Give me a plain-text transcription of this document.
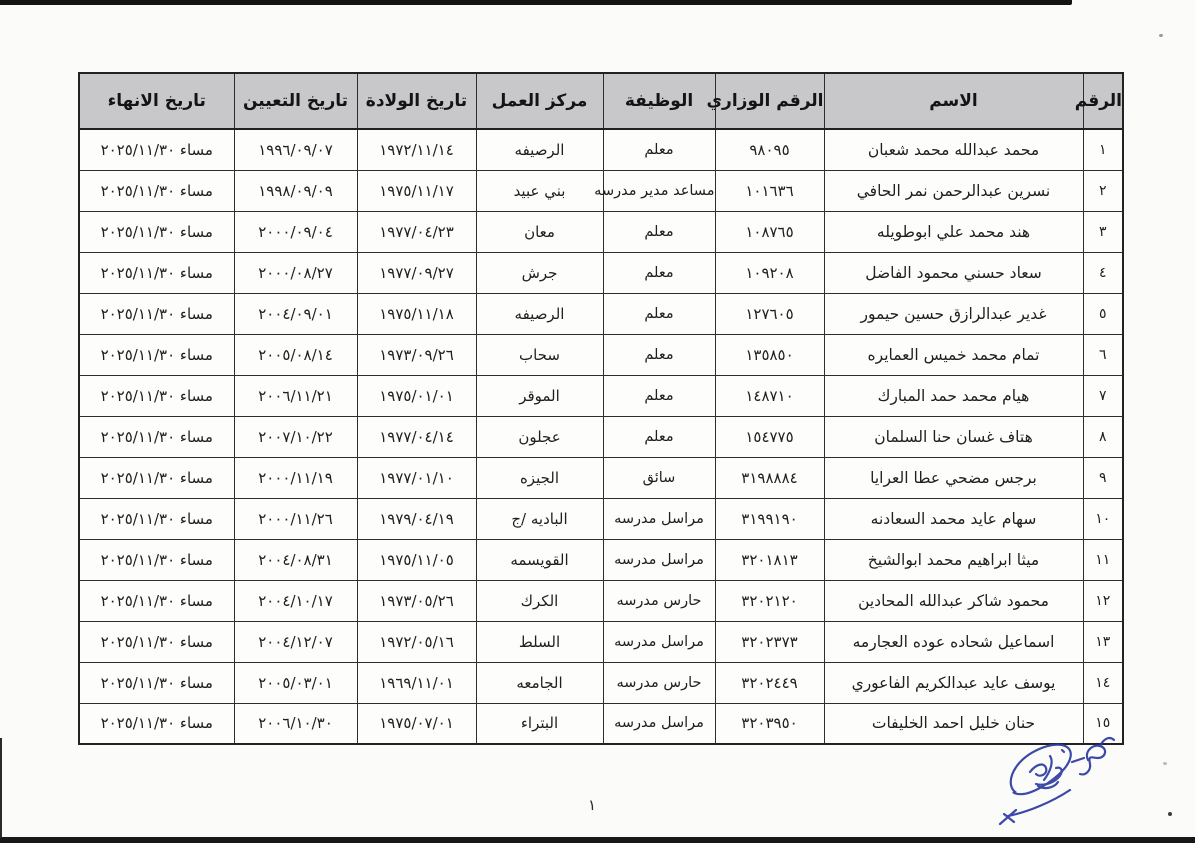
الرقم	الاسم	الرقم الوزاري	الوظيفة	مركز العمل	تاريخ الولادة	تاريخ التعيين	تاريخ الانهاء
١	محمد عبدالله محمد شعبان	٩٨٠٩٥	معلم	الرصيفه	١٩٧٢/١١/١٤	١٩٩٦/٠٩/٠٧	مساء ٢٠٢٥/١١/٣٠
٢	نسرين عبدالرحمن نمر الحافي	١٠١٦٣٦	مساعد مدير مدرسه	بني عبيد	١٩٧٥/١١/١٧	١٩٩٨/٠٩/٠٩	مساء ٢٠٢٥/١١/٣٠
٣	هند محمد علي ابوطويله	١٠٨٧٦٥	معلم	معان	١٩٧٧/٠٤/٢٣	٢٠٠٠/٠٩/٠٤	مساء ٢٠٢٥/١١/٣٠
٤	سعاد حسني محمود الفاضل	١٠٩٢٠٨	معلم	جرش	١٩٧٧/٠٩/٢٧	٢٠٠٠/٠٨/٢٧	مساء ٢٠٢٥/١١/٣٠
٥	غدير عبدالرازق حسين حيمور	١٢٧٦٠٥	معلم	الرصيفه	١٩٧٥/١١/١٨	٢٠٠٤/٠٩/٠١	مساء ٢٠٢٥/١١/٣٠
٦	تمام محمد خميس العمايره	١٣٥٨٥٠	معلم	سحاب	١٩٧٣/٠٩/٢٦	٢٠٠٥/٠٨/١٤	مساء ٢٠٢٥/١١/٣٠
٧	هيام محمد حمد المبارك	١٤٨٧١٠	معلم	الموقر	١٩٧٥/٠١/٠١	٢٠٠٦/١١/٢١	مساء ٢٠٢٥/١١/٣٠
٨	هتاف غسان حنا السلمان	١٥٤٧٧٥	معلم	عجلون	١٩٧٧/٠٤/١٤	٢٠٠٧/١٠/٢٢	مساء ٢٠٢٥/١١/٣٠
٩	برجس مضحي عطا العرايا	٣١٩٨٨٨٤	سائق	الجيزه	١٩٧٧/٠١/١٠	٢٠٠٠/١١/١٩	مساء ٢٠٢٥/١١/٣٠
١٠	سهام عايد محمد السعادنه	٣١٩٩١٩٠	مراسل مدرسه	الباديه /ج	١٩٧٩/٠٤/١٩	٢٠٠٠/١١/٢٦	مساء ٢٠٢٥/١١/٣٠
١١	ميثا ابراهيم محمد ابوالشيخ	٣٢٠١٨١٣	مراسل مدرسه	القويسمه	١٩٧٥/١١/٠٥	٢٠٠٤/٠٨/٣١	مساء ٢٠٢٥/١١/٣٠
١٢	محمود شاكر عبدالله المحادين	٣٢٠٢١٢٠	حارس مدرسه	الكرك	١٩٧٣/٠٥/٢٦	٢٠٠٤/١٠/١٧	مساء ٢٠٢٥/١١/٣٠
١٣	اسماعيل شحاده عوده العجارمه	٣٢٠٢٣٧٣	مراسل مدرسه	السلط	١٩٧٢/٠٥/١٦	٢٠٠٤/١٢/٠٧	مساء ٢٠٢٥/١١/٣٠
١٤	يوسف عايد عبدالكريم الفاعوري	٣٢٠٢٤٤٩	حارس مدرسه	الجامعه	١٩٦٩/١١/٠١	٢٠٠٥/٠٣/٠١	مساء ٢٠٢٥/١١/٣٠
١٥	حنان خليل احمد الخليفات	٣٢٠٣٩٥٠	مراسل مدرسه	البتراء	١٩٧٥/٠٧/٠١	٢٠٠٦/١٠/٣٠	مساء ٢٠٢٥/١١/٣٠
١
